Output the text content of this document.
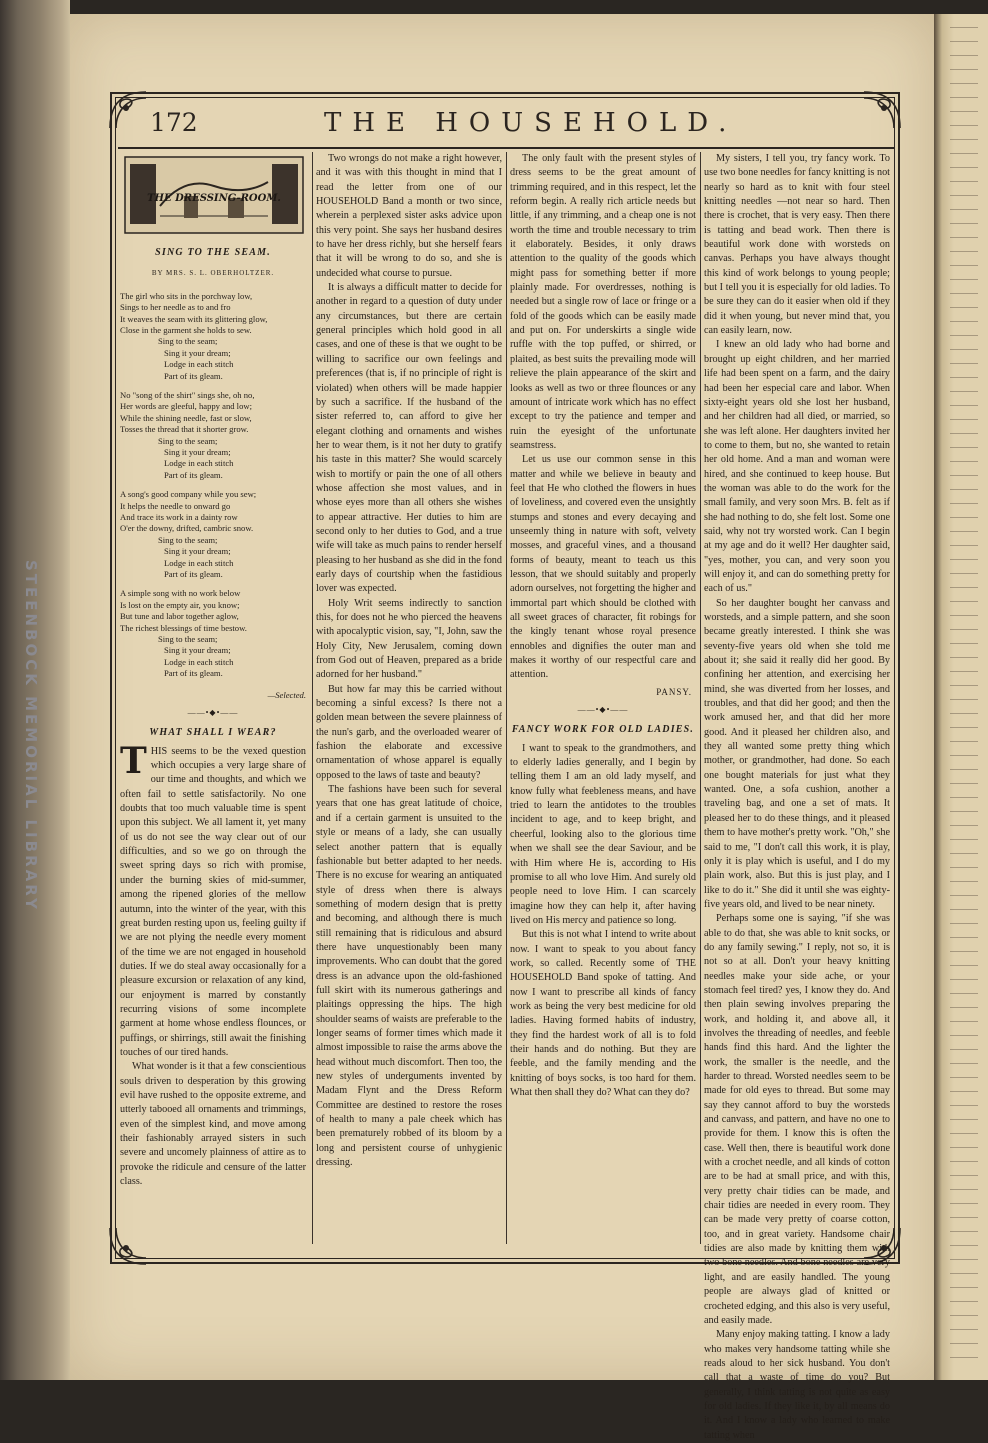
STEENBOCK MEMORIAL LIBRARY
172	THE HOUSEHOLD.
THE DRESSING-ROOM.
SING TO THE SEAM.
BY MRS. S. L. OBERHOLTZER.
The girl who sits in the porchway low,
Sings to her needle as to and fro
It weaves the seam with its glittering glow,
Close in the garment she holds to sew.
Sing to the seam;
Sing it your dream;
Lodge in each stitch
Part of its gleam.
No "song of the shirt" sings she, oh no,
Her words are gleeful, happy and low;
While the shining needle, fast or slow,
Tosses the thread that it shorter grow.
Sing to the seam;
Sing it your dream;
Lodge in each stitch
Part of its gleam.
A song's good company while you sew;
It helps the needle to onward go
And trace its work in a dainty row
O'er the downy, drifted, cambric snow.
Sing to the seam;
Sing it your dream;
Lodge in each stitch
Part of its gleam.
A simple song with no work below
Is lost on the empty air, you know;
But tune and labor together aglow,
The richest blessings of time bestow.
Sing to the seam;
Sing it your dream;
Lodge in each stitch
Part of its gleam.
—Selected.
——•◆•——
WHAT SHALL I WEAR?
T HIS seems to be the vexed question which occupies a very large share of our time and thoughts, and which we often fail to settle satisfactorily. No one doubts that too much valuable time is spent upon this subject. We all lament it, yet many of us do not see the way clear out of our difficulties, and so we go on through the sweet spring days so rich with promise, under the burning skies of mid-summer, among the ripened glories of the mellow autumn, into the winter of the year, with this great burden resting upon us, feeling guilty if we are not plying the needle every moment of the time we are not engaged in household duties. If we do steal away occasionally for a pleasure excursion or relaxation of any kind, our enjoyment is marred by constantly recurring visions of some incomplete garment at home whose endless flounces, or puffings, or shirrings, still await the finishing touches of our tired hands.

What wonder is it that a few conscientious souls driven to desperation by this growing evil have rushed to the opposite extreme, and utterly tabooed all ornaments and trimmings, even of the simplest kind, and move among their fashionably arrayed sisters in such severe and uncomely plainness of attire as to provoke the ridicule and censure of the latter class.

Two wrongs do not make a right however, and it was with this thought in mind that I read the letter from one of our HOUSEHOLD Band a month or two since, wherein a perplexed sister asks advice upon this very point. She says her husband desires to have her dress richly, but she herself fears that it will be wrong to do so, and she is undecided what course to pursue.

It is always a difficult matter to decide for another in regard to a question of duty under any circumstances, but there are certain general principles which hold good in all cases, and one of these is that we ought to be willing to sacrifice our own feelings and preferences (that is, if no principle of right is violated) when others will be made happier by such a sacrifice. If the husband of the sister referred to, can afford to give her elegant clothing and ornaments and wishes her to wear them, is it not her duty to gratify his taste in this matter? She would scarcely wish to mortify or pain the one of all others whose affection she most values, and in whose eyes more than all others she wishes to appear attractive. Her duties to him are second only to her duties to God, and a true wife will take as much pains to render herself pleasing to her husband as she did in the fond early days of courtship when the fastidious lover was expected.

Holy Writ seems indirectly to sanction this, for does not he who pierced the heavens with apocalyptic vision, say, "I, John, saw the Holy City, New Jerusalem, coming down from God out of Heaven, prepared as a bride adorned for her husband."

But how far may this be carried without becoming a sinful excess? Is there not a golden mean between the severe plainness of the nun's garb, and the overloaded wearer of fashion the elaborate and excessive ornamentation of whose apparel is equally opposed to the laws of taste and beauty?

The fashions have been such for several years that one has great latitude of choice, and if a certain garment is unsuited to the style or means of a lady, she can usually select another pattern that is equally fashionable but better adapted to her needs. There is no excuse for wearing an antiquated style of dress when there is always something of modern design that is pretty and becoming, and although there is much still remaining that is ridiculous and absurd there have unquestionably been many improvements. Who can doubt that the gored dress is an advance upon the old-fashioned full skirt with its numerous gatherings and plaitings oppressing the hips. The high shoulder seams of waists are preferable to the longer seams of former times which made it almost impossible to raise the arms above the head without much discomfort. Then too, the new styles of underguments invented by Madam Flynt and the Dress Reform Committee are destined to restore the roses of health to many a pale cheek which has been prematurely robbed of its bloom by a long and persistent course of unhygienic dressing.

The only fault with the present styles of dress seems to be the great amount of trimming required, and in this respect, let the reform begin. A really rich article needs but little, if any trimming, and a cheap one is not worth the time and trouble necessary to trim it elaborately. Besides, it only draws attention to the quality of the goods which might pass for something better if more plainly made. For overdresses, nothing is needed but a single row of lace or fringe or a fold of the goods which can be easily made and put on. For underskirts a single wide ruffle with the top puffed, or shirred, or plaited, as best suits the prevailing mode will relieve the plain appearance of the skirt and looks as well as two or three flounces or any amount of intricate work which has no effect except to try the patience and temper and ruin the eyesight of the unfortunate seamstress.

Let us use our common sense in this matter and while we believe in beauty and feel that He who clothed the flowers in hues of loveliness, and covered even the unsightly stumps and stones and every decaying and unseemly thing in nature with soft, velvety mosses, and graceful vines, and a thousand forms of beauty, meant to teach us this lesson, that we should suitably and properly adorn ourselves, not forgetting the higher and immortal part which should be clothed with all sweet graces of character, fit robings for the kingly tenant whose royal presence ennobles and dignifies the outer man and makes it worthy of our respectful care and attention.

PANSY.
——•◆•——
FANCY WORK FOR OLD LADIES.

I want to speak to the grandmothers, and to elderly ladies generally, and I begin by telling them I am an old lady myself, and know fully what feebleness means, and have tried to learn the antidotes to the troubles incident to age, and to keep bright, and cheerful, looking also to the glorious time when we shall see the dear Saviour, and be with Him where He is, according to His promise to all who love Him. And surely old people need to love Him. I can scarcely imagine how they can help it, after having lived on His mercy and patience so long.

But this is not what I intend to write about now. I want to speak to you about fancy work, so called. Recently some of THE HOUSEHOLD Band spoke of tatting. And now I want to prescribe all kinds of fancy work as being the very best medicine for old ladies. Having formed habits of industry, they find the hardest work of all is to fold their hands and do nothing. But they are feeble, and the family mending and the knitting of boys socks, is too hard for them. What then shall they do? What can they do?

My sisters, I tell you, try fancy work. To use two bone needles for fancy knitting is not nearly so hard as to knit with four steel knitting needles —not near so hard. Then there is crochet, that is very easy. Then there is tatting and bead work. Then there is beautiful work done with worsteds on canvas. Perhaps you have always thought this kind of work belongs to young people; but I tell you it is especially for old ladies. To be sure they can do it easier when old if they did it when young, but never mind that, you can easily learn, now.

I knew an old lady who had borne and brought up eight children, and her married life had been spent on a farm, and the dairy had been her especial care and labor. When sixty-eight years old she lost her husband, and her children had all died, or married, so she was left alone. Her daughters invited her to come to them, but no, she wanted to retain her old home. And a man and woman were hired, and she continued to keep house. But the woman was able to do the work for the small family, and very soon Mrs. B. felt as if she had nothing to do, she felt lost. Some one said, why not try worsted work. Can I begin at my age and do it well? Her daughter said, "yes, mother, you can, and very soon you will enjoy it, and can do something pretty for each of us."

So her daughter bought her canvass and worsteds, and a simple pattern, and she soon became greatly interested. I think she was seventy-five years old when she told me about it; she said it really did her good. By confining her attention, and exercising her mind, she was diverted from her losses, and troubles, and that did her good; and then the work amused her, and that did her more good. And it pleased her children also, and they all wanted some pretty thing which mother, or grandmother, had done. So each one bought materials for just what they wanted. One, a sofa cushion, another a traveling bag, and one a set of mats. It pleased her to do these things, and it pleased them to have mother's pretty work. "Oh," she said to me, "I don't call this work, it is play, only it is play which is useful, and I do my plain work, also. But this is just play, and I like to do it." She did it until she was eighty-five years old, and lived to be near ninety.

Perhaps some one is saying, "if she was able to do that, she was able to knit socks, or do any family sewing." I reply, not so, it is not so at all. Don't your heavy knitting needles make your side ache, or your stomach feel tired? yes, I know they do. And then plain sewing involves preparing the work, and holding it, and above all, it involves the threading of needles, and feeble hands find this hard. And the lighter the work, the smaller is the needle, and the harder to thread. Worsted needles seem to be made for old eyes to thread. But some may say they cannot afford to buy the worsteds and canvass, and pattern, and have no one to provide for them. I know this is often the case. Well then, there is beautiful work done with a crochet needle, and all kinds of cotton are to be had at small price, and with this, very pretty chair tidies can be made, and chair tidies are needed in every room. They can be made very pretty of coarse cotton, too, and in great variety. Handsome chair tidies are also made by knitting them with two bone needles. And bone needles are very light, and are easily handled. The young people are always glad of knitted or crocheted edging, and this also is very useful, and easily made.

Many enjoy making tatting. I know a lady who makes very handsome tatting while she reads aloud to her sick husband. You don't call that a waste of time do you? But generally, I think tatting is not quite as easy for old ladies. If they like it, by all means do it. And I know a lady who learned to make tatting when
